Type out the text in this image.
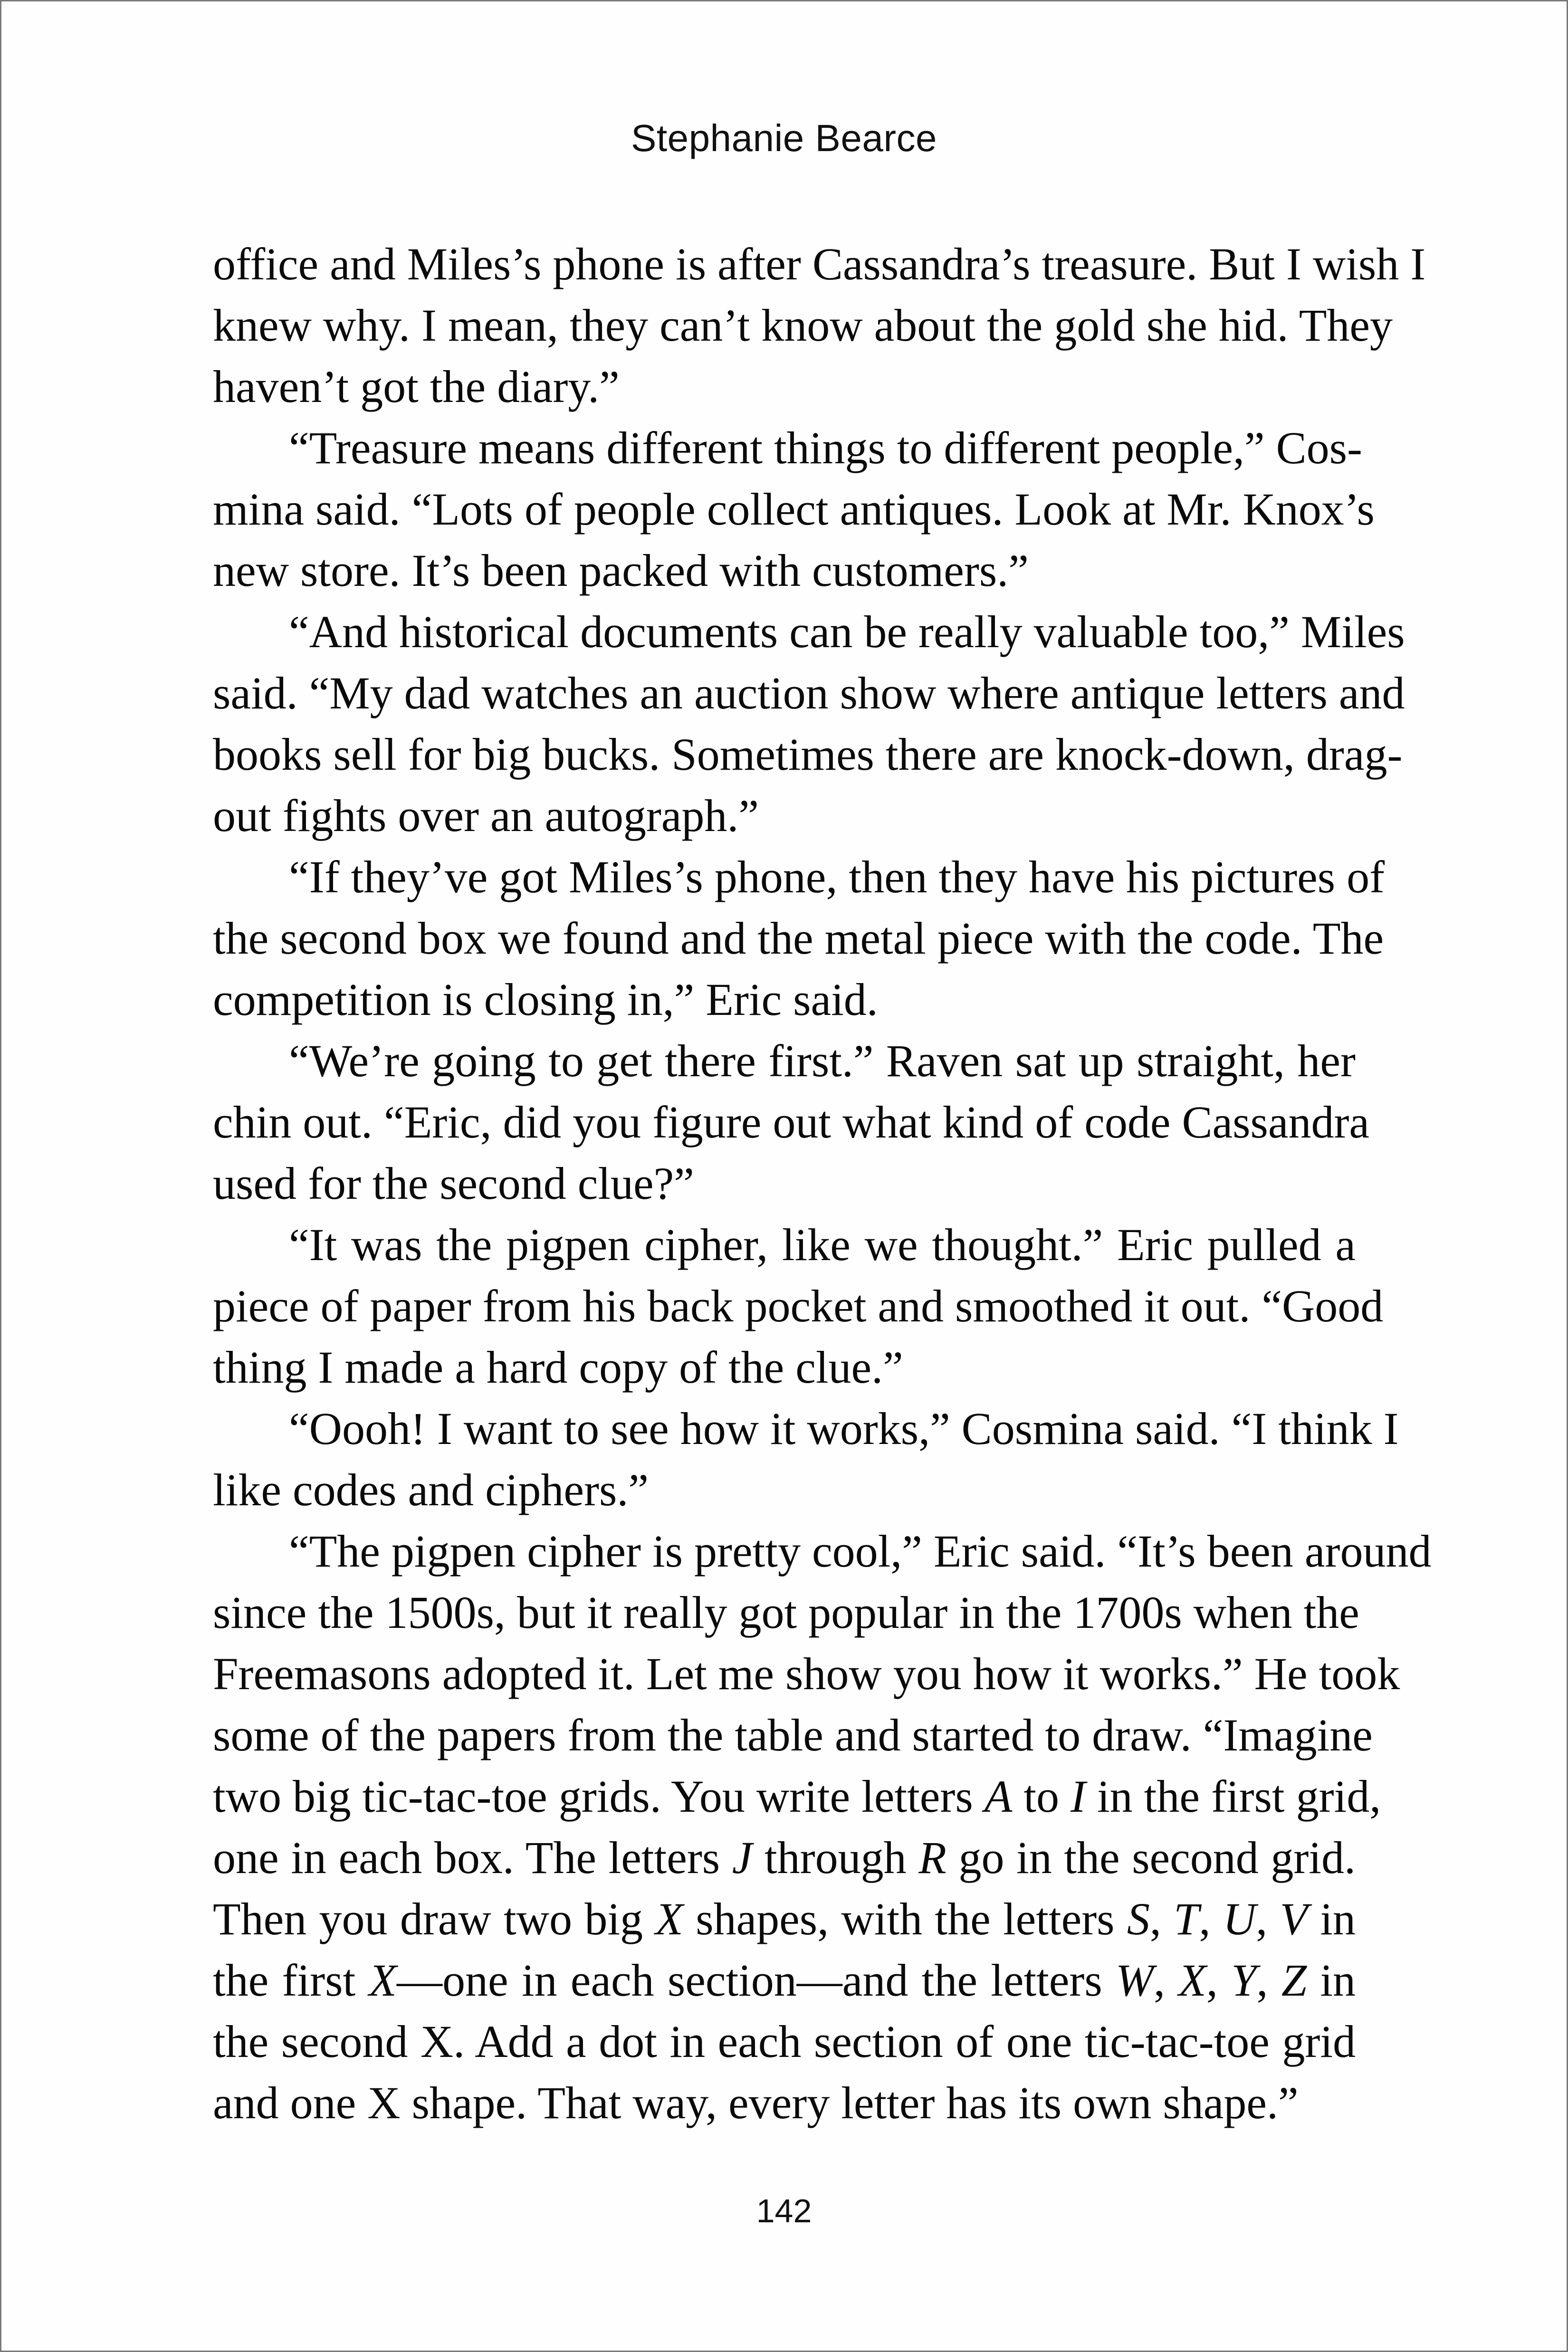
Stephanie Bearce
office and Miles’s phone is after Cassandra’s treasure. But I wish I
knew why. I mean, they can’t know about the gold she hid. They
haven’t got the diary.”
“Treasure means different things to different people,” Cos-
mina said. “Lots of people collect antiques. Look at Mr. Knox’s
new store. It’s been packed with customers.”
“And historical documents can be really valuable too,” Miles
said. “My dad watches an auction show where antique letters and
books sell for big bucks. Sometimes there are knock-down, drag-
out fights over an autograph.”
“If they’ve got Miles’s phone, then they have his pictures of
the second box we found and the metal piece with the code. The
competition is closing in,” Eric said.
“We’re going to get there first.” Raven sat up straight, her
chin out. “Eric, did you figure out what kind of code Cassandra
used for the second clue?”
“It was the pigpen cipher, like we thought.” Eric pulled a
piece of paper from his back pocket and smoothed it out. “Good
thing I made a hard copy of the clue.”
“Oooh! I want to see how it works,” Cosmina said. “I think I
like codes and ciphers.”
“The pigpen cipher is pretty cool,” Eric said. “It’s been around
since the 1500s, but it really got popular in the 1700s when the
Freemasons adopted it. Let me show you how it works.” He took
some of the papers from the table and started to draw. “Imagine
two big tic-tac-toe grids. You write letters A to I in the first grid,
one in each box. The letters J through R go in the second grid.
Then you draw two big X shapes, with the letters S, T, U, V in
the first X—one in each section—and the letters W, X, Y, Z in
the second X. Add a dot in each section of one tic-tac-toe grid
and one X shape. That way, every letter has its own shape.”
142
